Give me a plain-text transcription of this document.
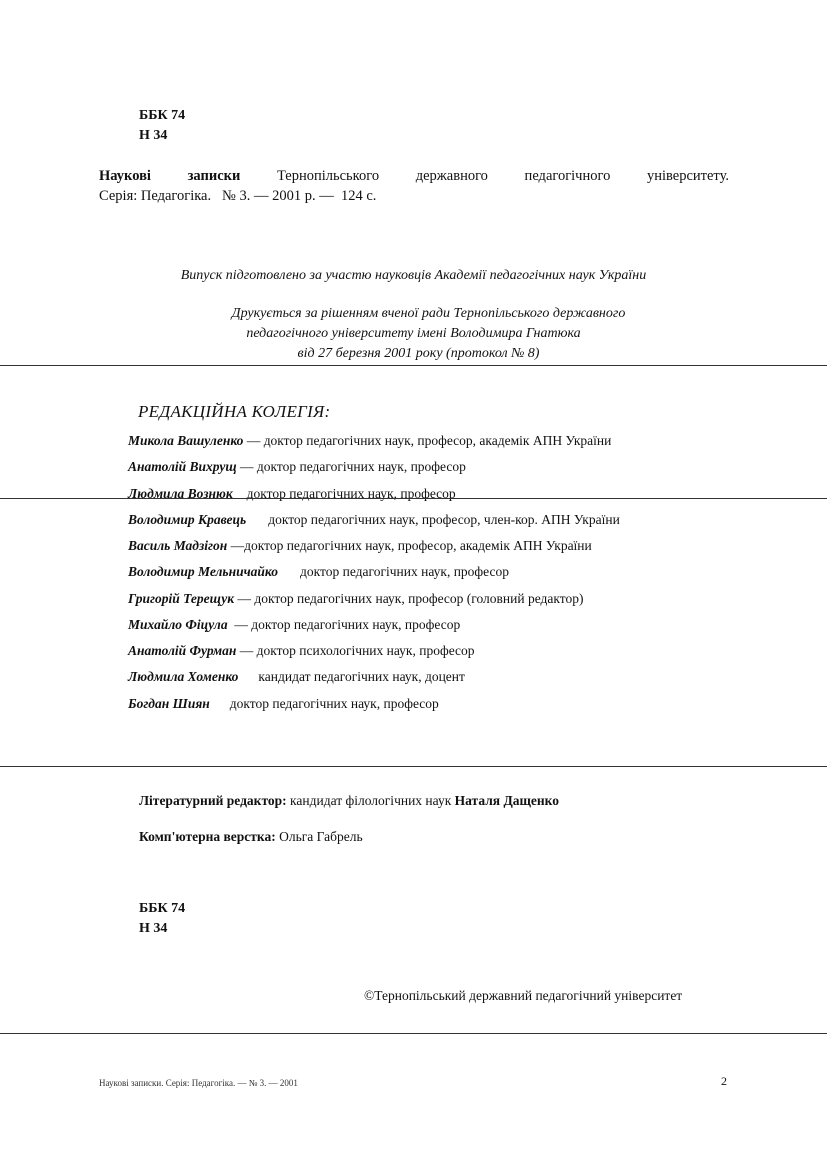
ББК 74
Н 34
Наукові записки Тернопільського державного педагогічного університету.
Серія: Педагогіка.   № 3. — 2001 р. —  124 с.
Випуск підготовлено за участю науковців Академії педагогічних наук України
Друкується за рішенням вченої ради Тернопільського державного
педагогічного університету імені Володимира Гнатюка
від 27 березня 2001 року (протокол № 8)
РЕДАКЦІЙНА КОЛЕГІЯ:
Микола Вашуленко — доктор педагогічних наук, професор, академік АПН України
Анатолій Вихрущ — доктор педагогічних наук, професор
Людмила Вознюк доктор педагогічних наук, професор
Володимир Кравець доктор педагогічних наук, професор, член-кор. АПН України
Василь Мадзігон —доктор педагогічних наук, професор, академік АПН України
Володимир Мельничайко доктор педагогічних наук, професор
Григорій Терещук — доктор педагогічних наук, професор (головний редактор)
Михайло Фіцула  — доктор педагогічних наук, професор
Анатолій Фурман — доктор психологічних наук, професор
Людмила Хоменко кандидат педагогічних наук, доцент
Богдан Шиян доктор педагогічних наук, професор
Літературний редактор: кандидат філологічних наук Наталя Дащенко
Комп'ютерна верстка: Ольга Габрель
ББК 74
Н 34
©Тернопільський державний педагогічний університет
Наукові записки. Серія: Педагогіка. — № 3. — 2001	2
